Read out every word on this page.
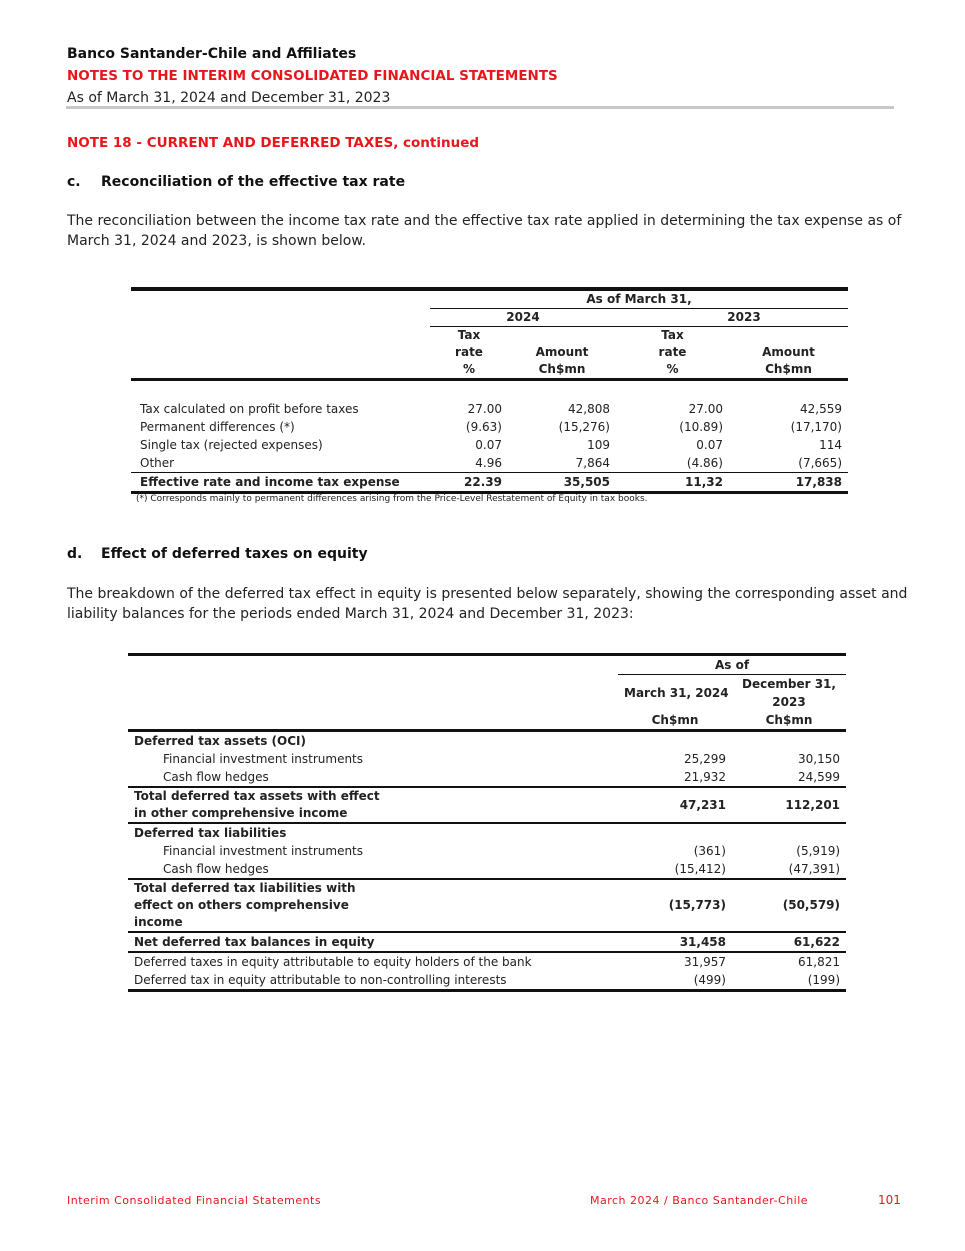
Banco Santander-Chile and Affiliates
NOTES TO THE INTERIM CONSOLIDATED FINANCIAL STATEMENTS
As of March 31, 2024 and December 31, 2023
NOTE 18 - CURRENT AND DEFERRED TAXES, continued
c. Reconciliation of the effective tax rate
The reconciliation between the income tax rate and the effective tax rate applied in determining the tax expense as of March 31, 2024 and 2023, is shown below.
	As of March 31,			
	2024		2023	
	Tax		Tax	
	rate	Amount	rate	Amount
	%	Ch$mn	%	Ch$mn

Tax calculated on profit before taxes	27.00	42,808	27.00	42,559
Permanent differences (*)	(9.63)	(15,276)	(10.89)	(17,170)
Single tax (rejected expenses)	0.07	109	0.07	114
Other	4.96	7,864	(4.86)	(7,665)
Effective rate and income tax expense	22.39	35,505	11,32	17,838
(*) Corresponds mainly to permanent differences arising from the Price-Level Restatement of Equity in tax books.
d. Effect of deferred taxes on equity
The breakdown of the deferred tax effect in equity is presented below separately, showing the corresponding asset and liability balances for the periods ended March 31, 2024 and December 31, 2023:
	As of	
	March 31, 2024	December 31,
		2023
	Ch$mn	Ch$mn
Deferred tax assets (OCI)		
Financial investment instruments	25,299	30,150
Cash flow hedges	21,932	24,599
Total deferred tax assets with effect in other comprehensive income	47,231	112,201
Deferred tax liabilities		
Financial investment instruments	(361)	(5,919)
Cash flow hedges	(15,412)	(47,391)
Total deferred tax liabilities with effect on others comprehensive income	(15,773)	(50,579)
Net deferred tax balances in equity	31,458	61,622
Deferred taxes in equity attributable to equity holders of the bank	31,957	61,821
Deferred tax in equity attributable to non-controlling interests	(499)	(199)
Interim Consolidated Financial Statements	March 2024 / Banco Santander-Chile	101
